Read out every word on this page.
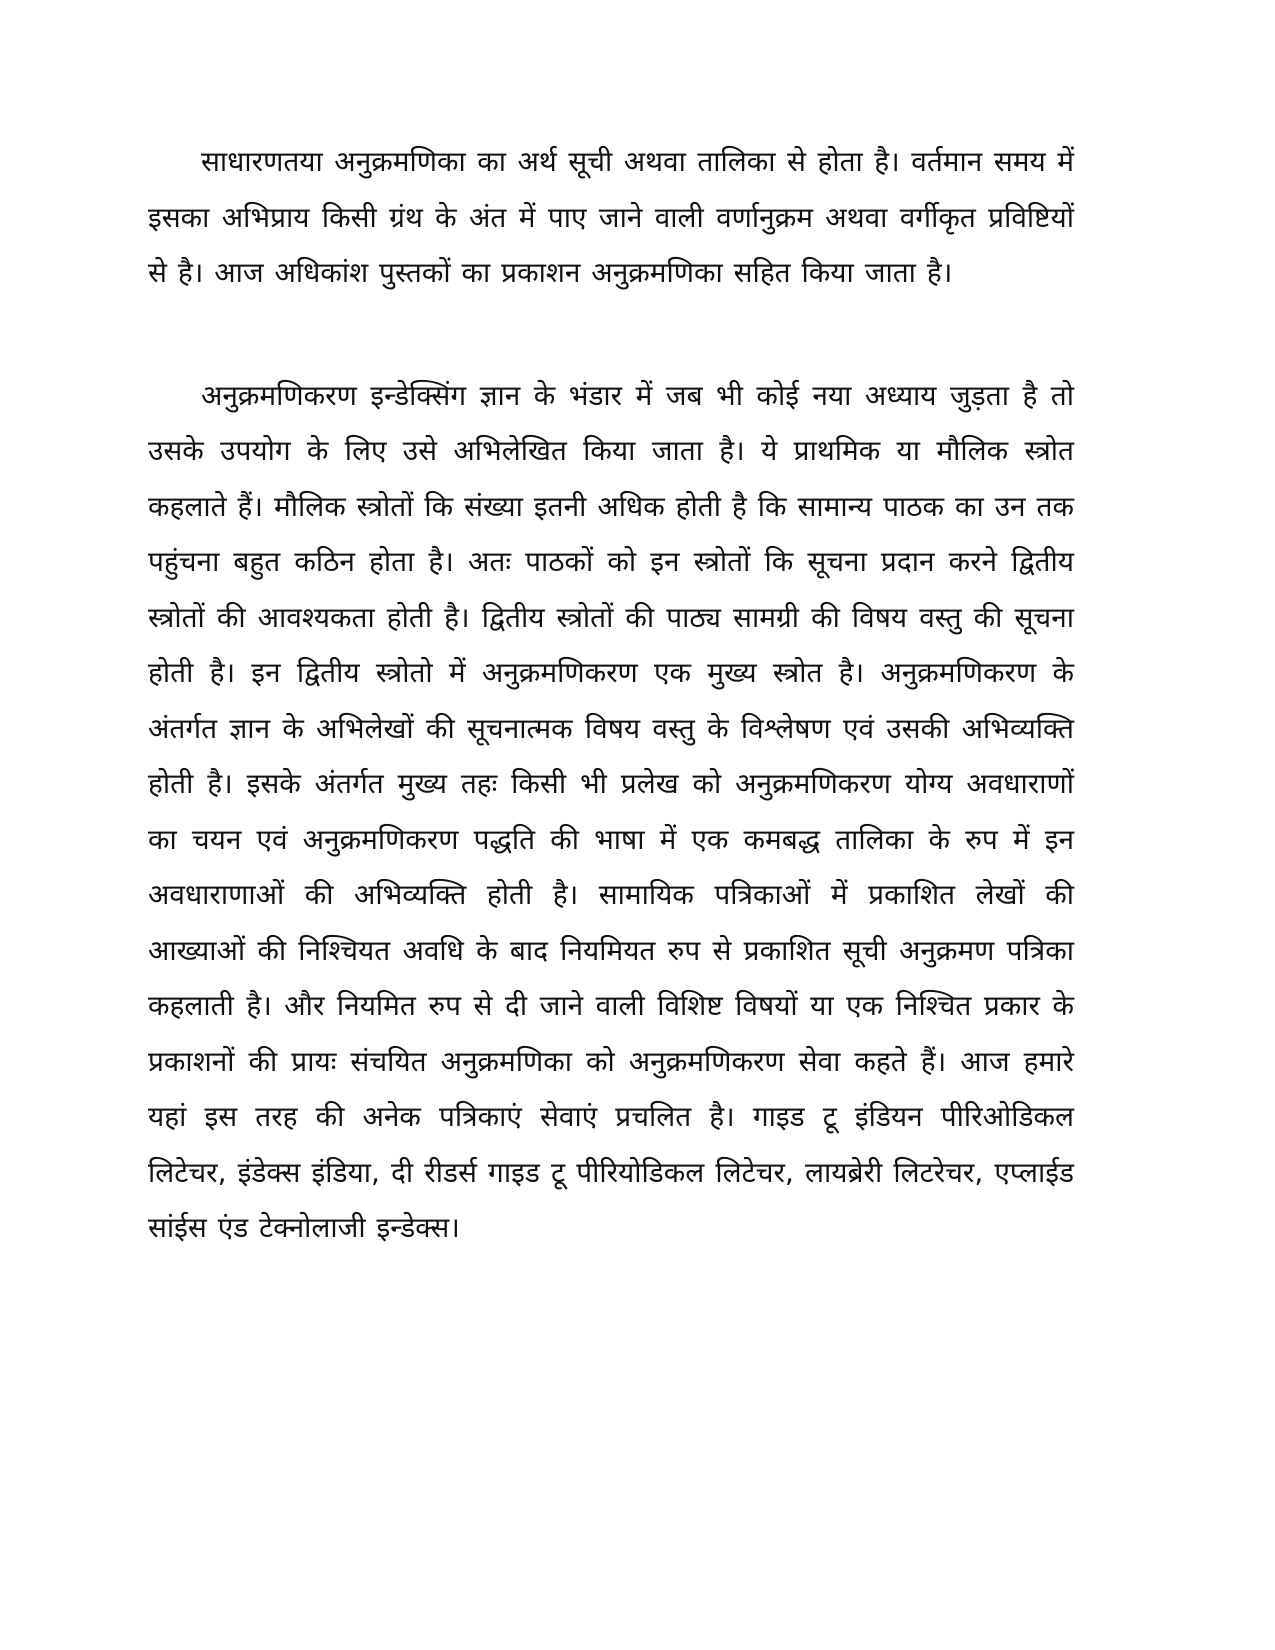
साधारणतया अनुक्रमणिका का अर्थ सूची अथवा तालिका से होता है। वर्तमान समय में इसका अभिप्राय किसी ग्रंथ के अंत में पाए जाने वाली वर्णानुक्रम अथवा वर्गीकृत प्रविष्टियों से है। आज अधिकांश पुस्तकों का प्रकाशन अनुक्रमणिका सहित किया जाता है।

अनुक्रमणिकरण इन्डेक्सिंग ज्ञान के भंडार में जब भी कोई नया अध्याय जुड़ता है तो उसके उपयोग के लिए उसे अभिलेखित किया जाता है। ये प्राथमिक या मौलिक स्त्रोत कहलाते हैं। मौलिक स्त्रोतों कि संख्या इतनी अधिक होती है कि सामान्य पाठक का उन तक पहुंचना बहुत कठिन होता है। अतः पाठकों को इन स्त्रोतों कि सूचना प्रदान करने द्वितीय स्त्रोतों की आवश्यकता होती है। द्वितीय स्त्रोतों की पाठ्य सामग्री की विषय वस्तु की सूचना होती है। इन द्वितीय स्त्रोतो में अनुक्रमणिकरण एक मुख्य स्त्रोत है। अनुक्रमणिकरण के अंतर्गत ज्ञान के अभिलेखों की सूचनात्मक विषय वस्तु के विश्लेषण एवं उसकी अभिव्यक्ति होती है। इसके अंतर्गत मुख्य तहः किसी भी प्रलेख को अनुक्रमणिकरण योग्य अवधाराणों का चयन एवं अनुक्रमणिकरण पद्धति की भाषा में एक कमबद्ध तालिका के रुप में इन अवधाराणाओं की अभिव्यक्ति होती है। सामायिक पत्रिकाओं में प्रकाशित लेखों की आख्याओं की निश्चियत अवधि के बाद नियमियत रुप से प्रकाशित सूची अनुक्रमण पत्रिका कहलाती है। और नियमित रुप से दी जाने वाली विशिष्ट विषयों या एक निश्चित प्रकार के प्रकाशनों की प्रायः संचयित अनुक्रमणिका को अनुक्रमणिकरण सेवा कहते हैं। आज हमारे यहां इस तरह की अनेक पत्रिकाएं सेवाएं प्रचलित है। गाइड टू इंडियन पीरिओडिकल लिटेचर, इंडेक्स इंडिया, दी रीडर्स गाइड टू पीरियोडिकल लिटेचर, लायब्रेरी लिटरेचर, एप्लाईड सांईस एंड टेक्नोलाजी इन्डेक्स।
